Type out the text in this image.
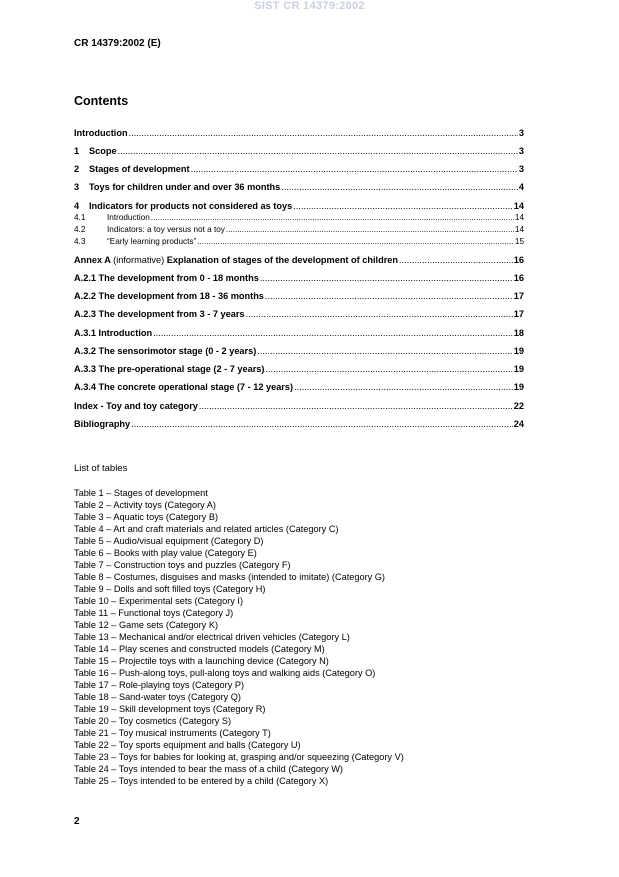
SIST CR 14379:2002
CR 14379:2002 (E)
Contents
Introduction .....	3
1	Scope .....	3
2	Stages of development .....	3
3	Toys for children under and over 36 months .....	4
4	Indicators for products not considered as toys .....	14
4.1	Introduction .....	14
4.2	Indicators: a toy versus not a toy .....	14
4.3	“Early learning products” .....	15
Annex A (informative) Explanation of stages of the development of children .....	16
A.2.1 The development from 0 - 18 months .....	16
A.2.2 The development from 18 - 36 months .....	17
A.2.3 The development from 3 - 7 years .....	17
A.3.1 Introduction .....	18
A.3.2 The sensorimotor stage (0 - 2 years) .....	19
A.3.3 The pre-operational stage (2 - 7 years) .....	19
A.3.4 The concrete operational stage (7 - 12 years) .....	19
Index - Toy and toy category .....	22
Bibliography .....	24
List of tables
Table 1 – Stages of development
Table 2 – Activity toys (Category A)
Table 3 – Aquatic toys (Category B)
Table 4 – Art and craft materials and related articles (Category C)
Table 5 – Audio/visual equipment (Category D)
Table 6 – Books with play value (Category E)
Table 7 – Construction toys and puzzles (Category F)
Table 8 – Costumes, disguises and masks (intended to imitate) (Category G)
Table 9 – Dolls and soft filled toys (Category H)
Table 10 – Experimental sets (Category I)
Table 11 – Functional toys (Category J)
Table 12 – Game sets (Category K)
Table 13 – Mechanical and/or electrical driven vehicles (Category L)
Table 14 – Play scenes and constructed models (Category M)
Table 15 – Projectile toys with a launching device (Category N)
Table 16 – Push-along toys, pull-along toys and walking aids (Category O)
Table 17 – Role-playing toys (Category P)
Table 18 – Sand-water toys (Category Q)
Table 19 – Skill development toys (Category R)
Table 20 – Toy cosmetics (Category S)
Table 21 – Toy musical instruments (Category T)
Table 22 – Toy sports equipment and balls (Category U)
Table 23 – Toys for babies for looking at, grasping and/or squeezing (Category V)
Table 24 – Toys intended to bear the mass of a child (Category W)
Table 25 – Toys intended to be entered by a child (Category X)
2
